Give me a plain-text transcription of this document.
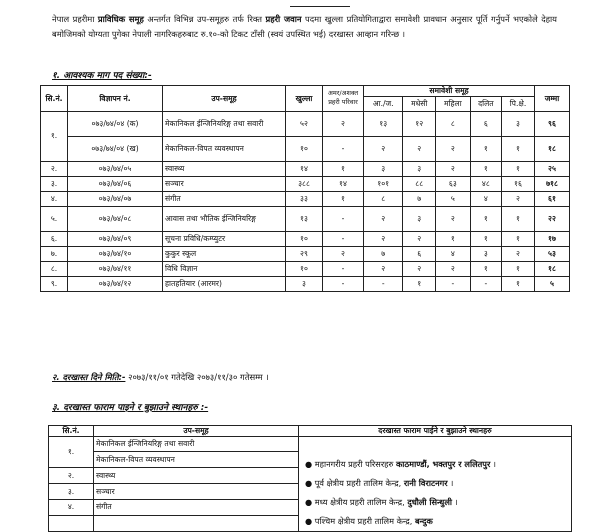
नेपाल प्रहरीमा प्राविधिक समूह अन्तर्गत विभिन्न उप-समूहरु तर्फ रिक्त प्रहरी जवान पदमा खुल्ला प्रतियोगिताद्वारा समावेशी प्रावधान अनुसार पूर्ति गर्नुपर्ने भएकोले देहाय बमोजिमको योग्यता पुगेका नेपाली नागरिकहरुबाट रु.१०-को टिकट टाँसी (स्वयं उपस्थित भई) दरखास्त आव्हान गरिन्छ ।
१. आवश्यक माग पद संख्या:-
सि.नं.	विज्ञापन नं.	उप-समूह	खुल्ला	अमर/अशक्त प्रहरी परिवार	समावेशी समूह					जम्मा
					आ./ज.	मधेसी	महिला	दलित	पि.क्षे.	
१.	०७३/७४/०४ (क)	मेकानिकल ईन्जिनियरिङ्ग तथा सवारी	५२	२	१३	१२	८	६	३	९६
	०७३/७४/०४ (ख)	मेकानिकल-विपत व्यवस्थापन	१०	-	२	२	२	१	१	१८
२.	०७३/७४/०५	स्वास्थ्य	१४	१	३	३	२	१	१	२५
३.	०७३/७४/०६	सञ्चार	३८८	१४	१०१	८८	६३	४८	१६	७१८
४.	०७३/७४/०७	संगीत	३३	१	८	७	५	४	२	६१
५.	०७३/७४/०८	आवास तथा भौतिक ईन्जिनियरिङ्ग	१३	-	२	३	२	१	१	२२
६.	०७३/७४/०९	सूचना प्रविधि/कम्प्युटर	१०	-	२	२	१	१	१	१७
७.	०७३/७४/१०	कुकुर स्कूल	२९	२	७	६	४	३	२	५३
८.	०७३/७४/११	विधि विज्ञान	१०	-	२	२	२	१	१	१८
९.	०७३/७४/१२	हातहतियार (आरमर)	३	-	-	१	-	-	१	५
२. दरखास्त दिने मिति:- २०७३/११/०१ गतेदेखि २०७३/११/३० गतेसम्म ।
३. दरखास्त फाराम पाइने र बुझाउने स्थानहरु :-
सि.नं.	उप-समूह	दरखास्त फाराम पाईने र बुझाउने स्थानहरु
१.	मेकानिकल ईन्जिनियरिङ्ग तथा सवारी	● महानगरीय प्रहरी परिसरहरु काठमाण्डौं, भक्तपुर र ललितपुर ।
● पूर्व क्षेत्रीय प्रहरी तालिम केन्द्र, रानी विराटनगर ।
● मध्य क्षेत्रीय प्रहरी तालिम केन्द्र, दुधौली सिन्धुली ।
● पश्चिम क्षेत्रीय प्रहरी तालिम केन्द्र, बन्दुक

	मेकानिकल-विपत व्यवस्थापन	
२.	स्वास्थ्य	
३.	सञ्चार	
४.	संगीत	
